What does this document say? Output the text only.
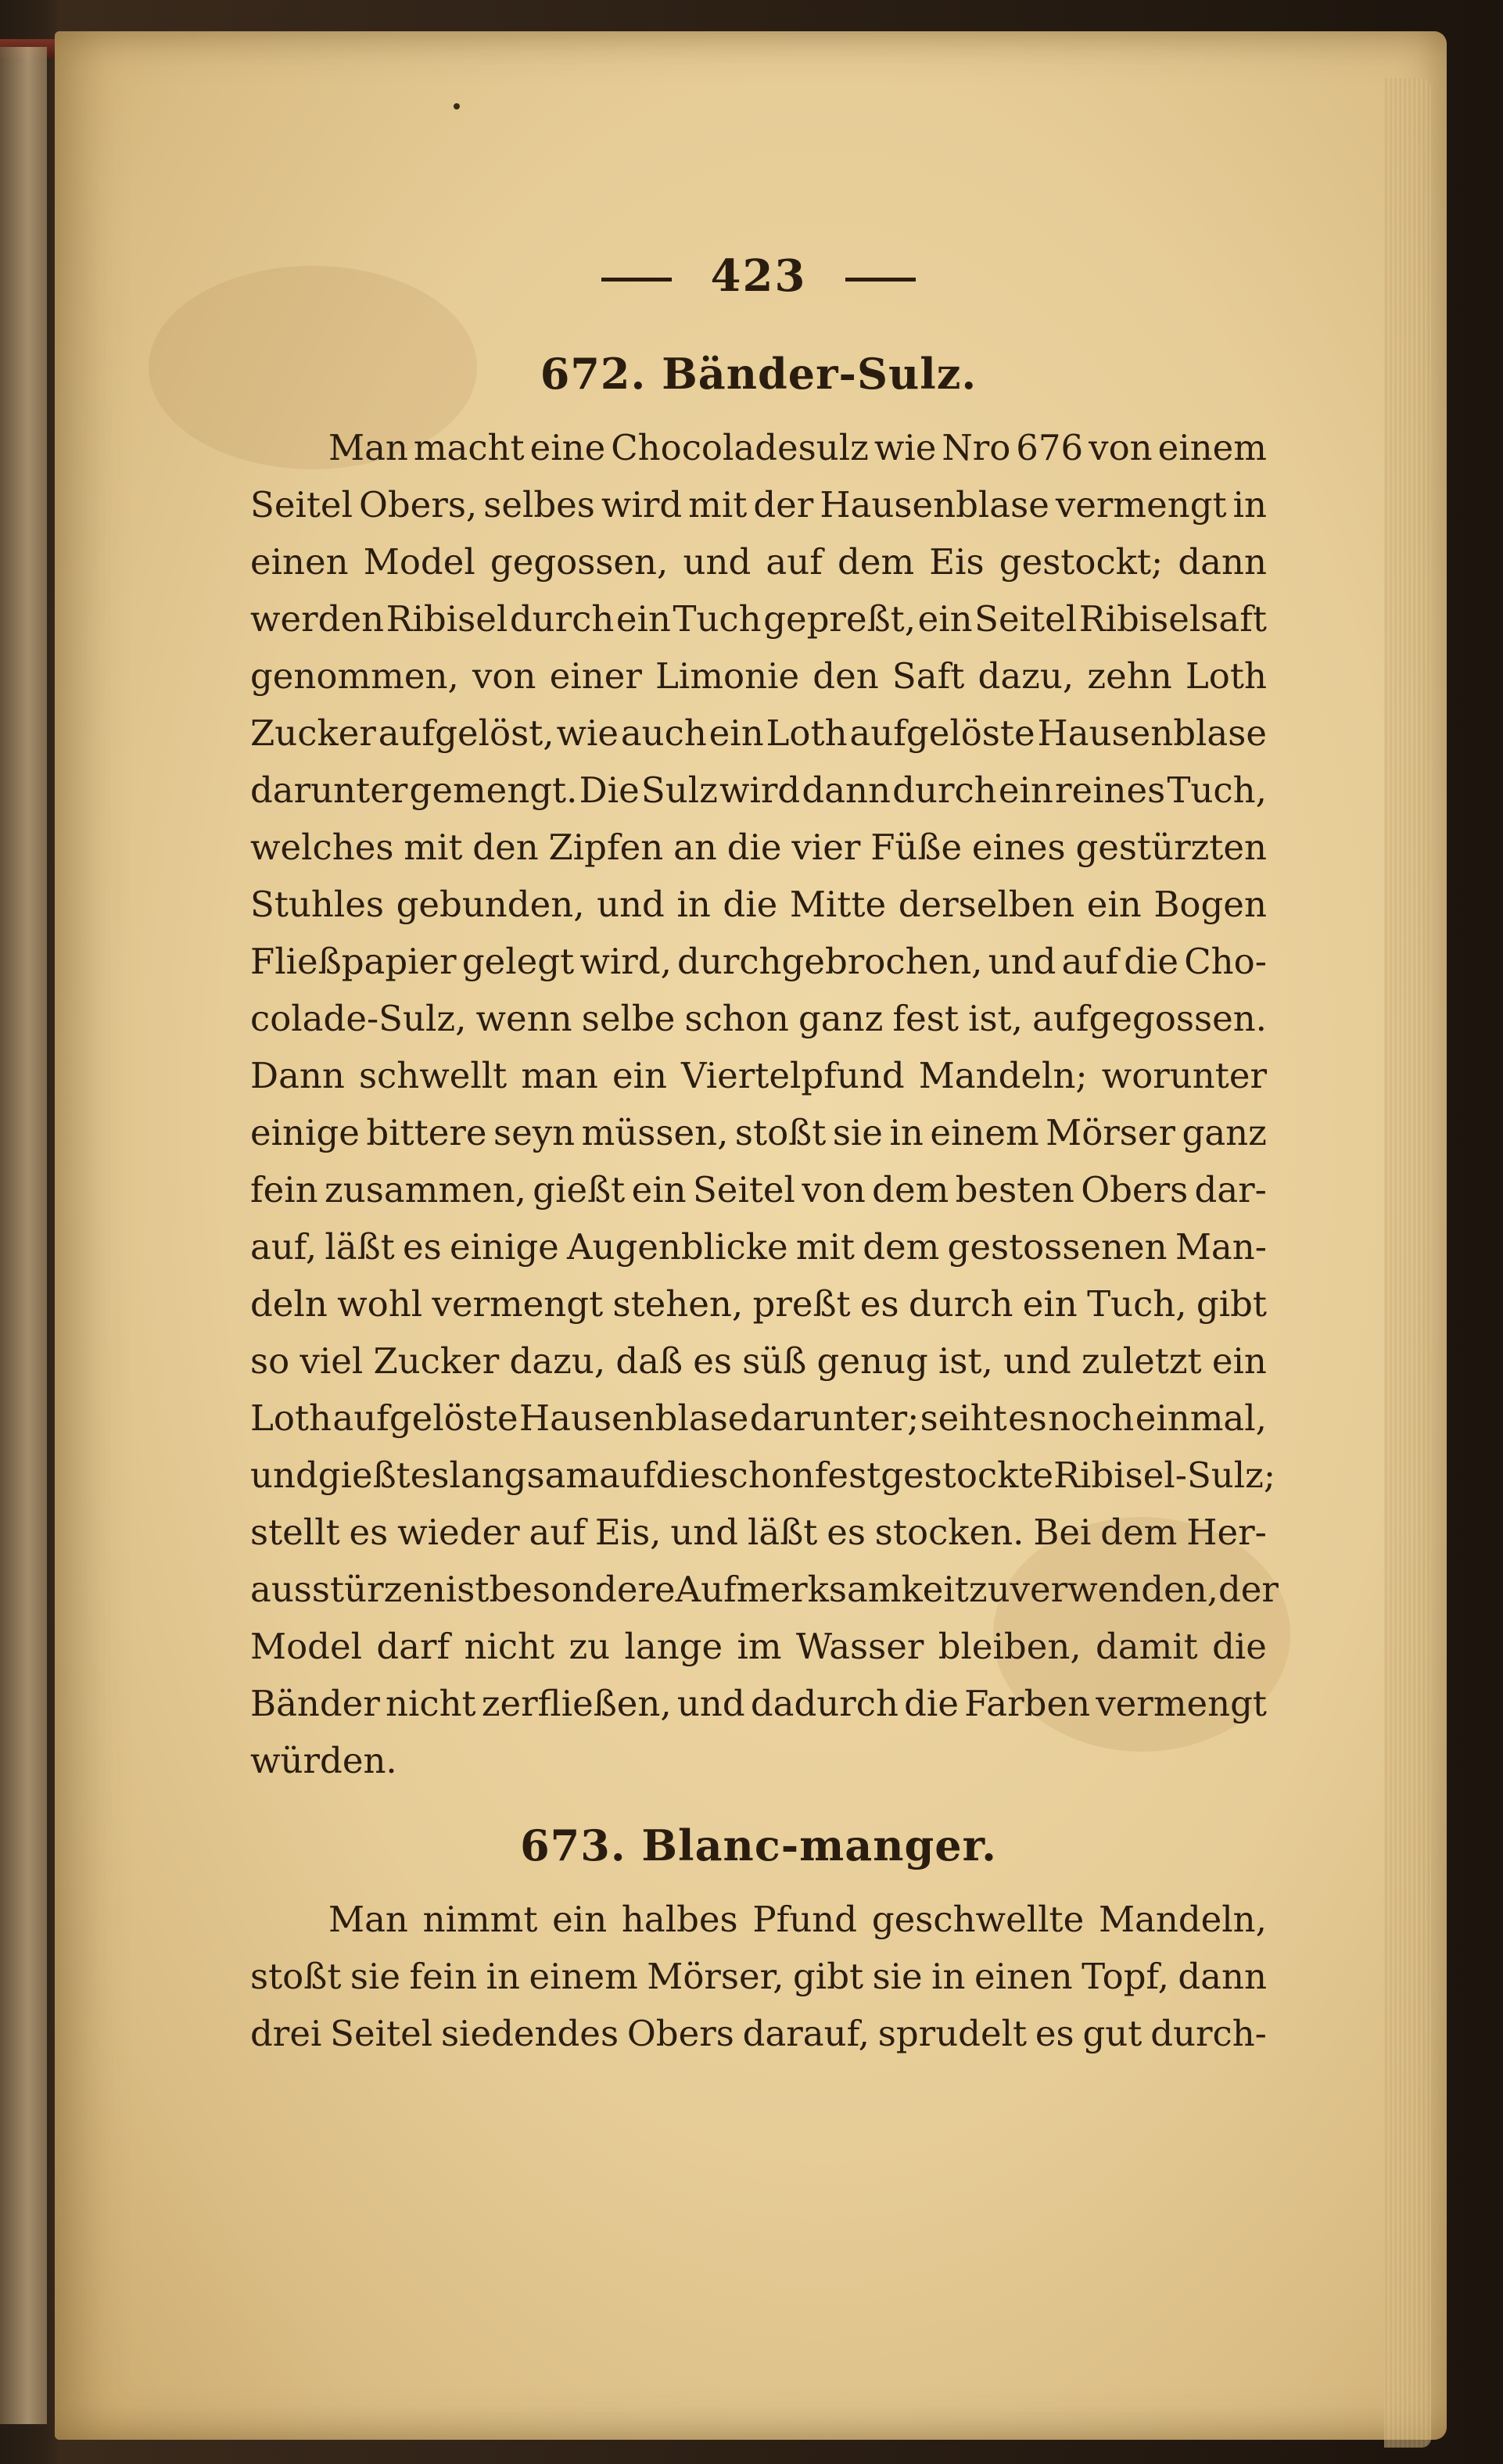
423
672. Bänder-Sulz.
Man macht eine Chocoladesulz wie Nro 676 von einem
Seitel Obers, selbes wird mit der Hausenblase vermengt in
einen Model gegossen, und auf dem Eis gestockt; dann
werden Ribisel durch ein Tuch gepreßt, ein Seitel Ribiselsaft
genommen, von einer Limonie den Saft dazu, zehn Loth
Zucker aufgelöst, wie auch ein Loth aufgelöste Hausenblase
darunter gemengt. Die Sulz wird dann durch ein reines Tuch,
welches mit den Zipfen an die vier Füße eines gestürzten
Stuhles gebunden, und in die Mitte derselben ein Bogen
Fließpapier gelegt wird, durchgebrochen, und auf die Cho-
colade-Sulz, wenn selbe schon ganz fest ist, aufgegossen.
Dann schwellt man ein Viertelpfund Mandeln; worunter
einige bittere seyn müssen, stoßt sie in einem Mörser ganz
fein zusammen, gießt ein Seitel von dem besten Obers dar-
auf, läßt es einige Augenblicke mit dem gestossenen Man-
deln wohl vermengt stehen, preßt es durch ein Tuch, gibt
so viel Zucker dazu, daß es süß genug ist, und zuletzt ein
Loth aufgelöste Hausenblase darunter; seiht es noch einmal,
und gießt es langsam auf die schon fest gestockte Ribisel-Sulz;
stellt es wieder auf Eis, und läßt es stocken. Bei dem Her-
ausstürzen ist besondere Aufmerksamkeit zu verwenden, der
Model darf nicht zu lange im Wasser bleiben, damit die
Bänder nicht zerfließen, und dadurch die Farben vermengt
würden.
673. Blanc-manger.
Man nimmt ein halbes Pfund geschwellte Mandeln,
stoßt sie fein in einem Mörser, gibt sie in einen Topf, dann
drei Seitel siedendes Obers darauf, sprudelt es gut durch-
